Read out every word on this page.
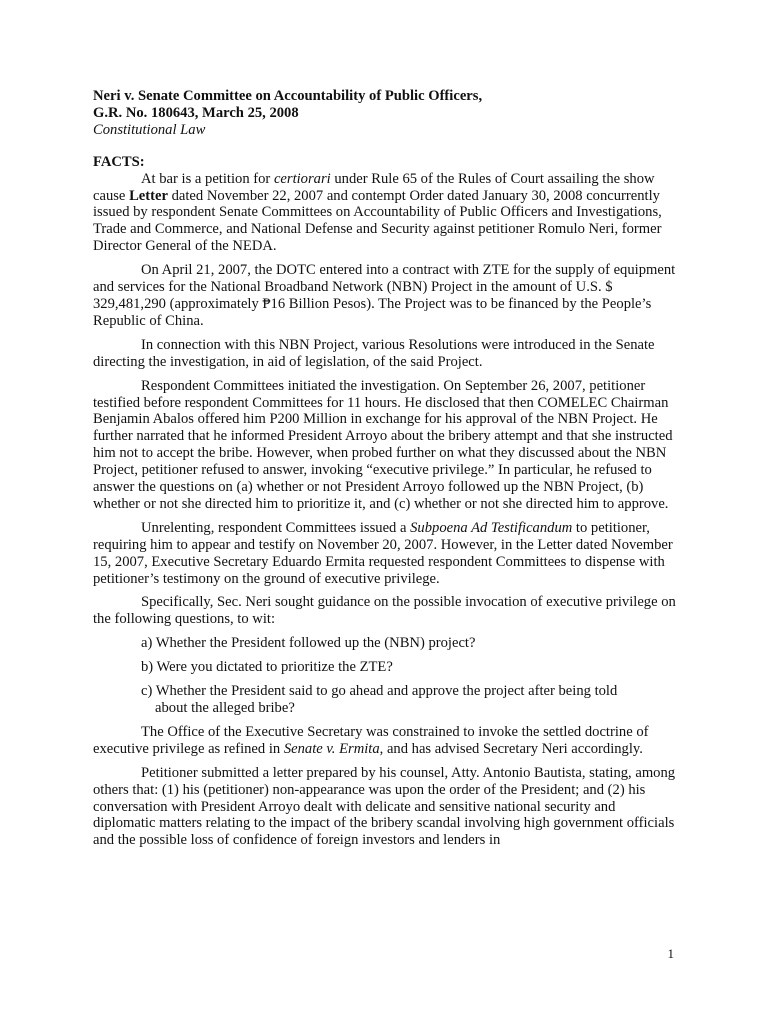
Neri v. Senate Committee on Accountability of Public Officers,
G.R. No. 180643, March 25, 2008
Constitutional Law
FACTS:

At bar is a petition for certiorari under Rule 65 of the Rules of Court assailing the show cause Letter dated November 22, 2007 and contempt Order dated January 30, 2008 concurrently issued by respondent Senate Committees on Accountability of Public Officers and Investigations, Trade and Commerce, and National Defense and Security against petitioner Romulo Neri, former Director General of the NEDA.

On April 21, 2007, the DOTC entered into a contract with ZTE for the supply of equipment and services for the National Broadband Network (NBN) Project in the amount of U.S. $ 329,481,290 (approximately ₱16 Billion Pesos). The Project was to be financed by the People’s Republic of China.

In connection with this NBN Project, various Resolutions were introduced in the Senate directing the investigation, in aid of legislation, of the said Project.

Respondent Committees initiated the investigation. On September 26, 2007, petitioner testified before respondent Committees for 11 hours. He disclosed that then COMELEC Chairman Benjamin Abalos offered him P200 Million in exchange for his approval of the NBN Project. He further narrated that he informed President Arroyo about the bribery attempt and that she instructed him not to accept the bribe. However, when probed further on what they discussed about the NBN Project, petitioner refused to answer, invoking “executive privilege.” In particular, he refused to answer the questions on (a) whether or not President Arroyo followed up the NBN Project, (b) whether or not she directed him to prioritize it, and (c) whether or not she directed him to approve.

Unrelenting, respondent Committees issued a Subpoena Ad Testificandum to petitioner, requiring him to appear and testify on November 20, 2007. However, in the Letter dated November 15, 2007, Executive Secretary Eduardo Ermita requested respondent Committees to dispense with petitioner’s testimony on the ground of executive privilege.

Specifically, Sec. Neri sought guidance on the possible invocation of executive privilege on the following questions, to wit:

a) Whether the President followed up the (NBN) project?
b) Were you dictated to prioritize the ZTE?
c) Whether the President said to go ahead and approve the project after being told
about the alleged bribe?

The Office of the Executive Secretary was constrained to invoke the settled doctrine of executive privilege as refined in Senate v. Ermita, and has advised Secretary Neri accordingly.

Petitioner submitted a letter prepared by his counsel, Atty. Antonio Bautista, stating, among others that: (1) his (petitioner) non-appearance was upon the order of the President; and (2) his conversation with President Arroyo dealt with delicate and sensitive national security and diplomatic matters relating to the impact of the bribery scandal involving high government officials and the possible loss of confidence of foreign investors and lenders in

1
